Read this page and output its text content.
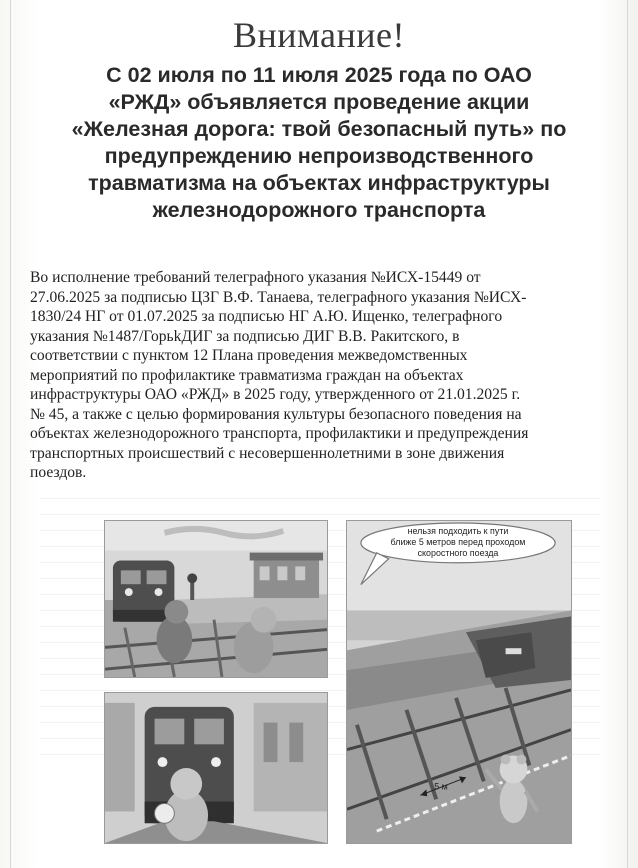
Внимание!
С 02 июля по 11 июля 2025 года по ОАО
«РЖД» объявляется проведение акции
«Железная дорога: твой безопасный путь» по
предупреждению непроизводственного
травматизма на объектах инфраструктуры
железнодорожного транспорта
Во исполнение требований телеграфного указания №ИСХ-15449 от
27.06.2025 за подписью ЦЗГ В.Ф. Танаева, телеграфного указания №ИСХ-
1830/24 НГ от 01.07.2025 за подписью НГ А.Ю. Ищенко, телеграфного
указания №1487/ГорьkДИГ за подписью ДИГ В.В. Ракитского, в
соответствии с пунктом 12 Плана проведения межведомственных
мероприятий по профилактике травматизма граждан на объектах
инфраструктуры ОАО «РЖД» в 2025 году, утвержденного от 21.01.2025 г.
№ 45, а также с целью формирования культуры безопасного поведения на
объектах железнодорожного транспорта, профилактики и предупреждения
транспортных происшествий с несовершеннолетними в зоне движения
поездов.
5 м
нельзя подходить к пути
ближе 5 метров перед проходом
скоростного поезда
